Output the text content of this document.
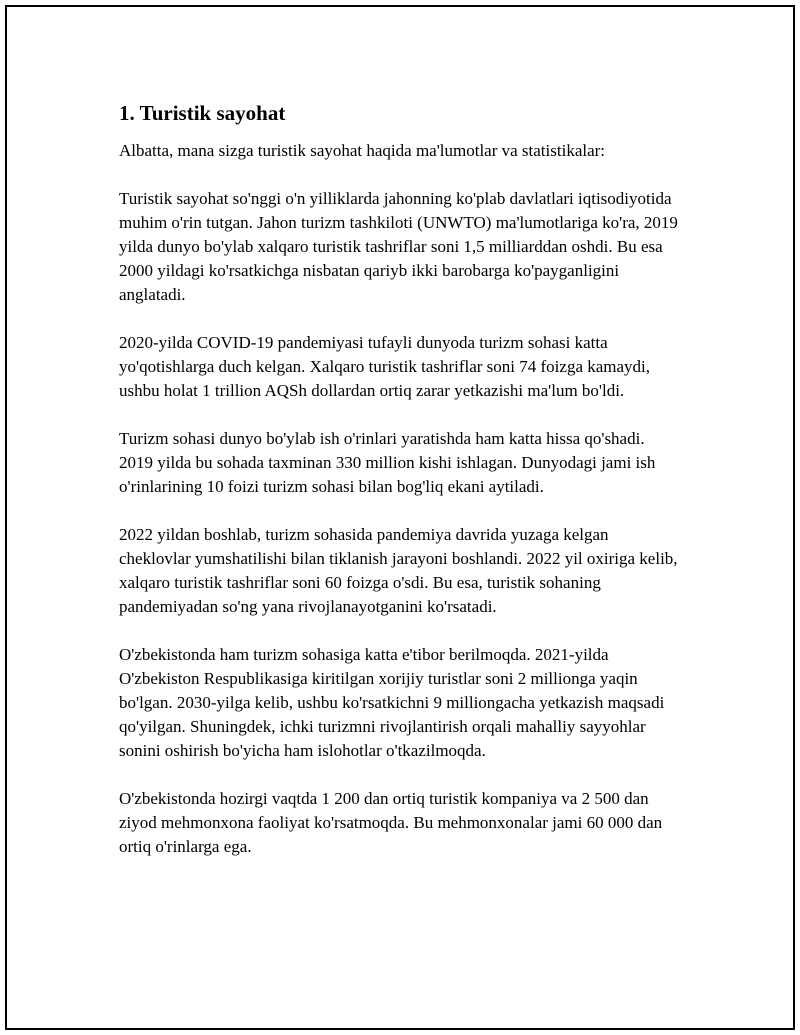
1. Turistik sayohat

Albatta, mana sizga turistik sayohat haqida ma'lumotlar va statistikalar:

Turistik sayohat so'nggi o'n yilliklarda jahonning ko'plab davlatlari iqtisodiyotida muhim o'rin tutgan. Jahon turizm tashkiloti (UNWTO) ma'lumotlariga ko'ra, 2019 yilda dunyo bo'ylab xalqaro turistik tashriflar soni 1,5 milliarddan oshdi. Bu esa 2000 yildagi ko'rsatkichga nisbatan qariyb ikki barobarga ko'payganligini anglatadi.

2020-yilda COVID-19 pandemiyasi tufayli dunyoda turizm sohasi katta yo'qotishlarga duch kelgan. Xalqaro turistik tashriflar soni 74 foizga kamaydi, ushbu holat 1 trillion AQSh dollardan ortiq zarar yetkazishi ma'lum bo'ldi.

Turizm sohasi dunyo bo'ylab ish o'rinlari yaratishda ham katta hissa qo'shadi. 2019 yilda bu sohada taxminan 330 million kishi ishlagan. Dunyodagi jami ish o'rinlarining 10 foizi turizm sohasi bilan bog'liq ekani aytiladi.

2022 yildan boshlab, turizm sohasida pandemiya davrida yuzaga kelgan cheklovlar yumshatilishi bilan tiklanish jarayoni boshlandi. 2022 yil oxiriga kelib, xalqaro turistik tashriflar soni 60 foizga o'sdi. Bu esa, turistik sohaning pandemiyadan so'ng yana rivojlanayotganini ko'rsatadi.

O'zbekistonda ham turizm sohasiga katta e'tibor berilmoqda. 2021-yilda O'zbekiston Respublikasiga kiritilgan xorijiy turistlar soni 2 millionga yaqin bo'lgan. 2030-yilga kelib, ushbu ko'rsatkichni 9 milliongacha yetkazish maqsadi qo'yilgan. Shuningdek, ichki turizmni rivojlantirish orqali mahalliy sayyohlar sonini oshirish bo'yicha ham islohotlar o'tkazilmoqda.

O'zbekistonda hozirgi vaqtda 1 200 dan ortiq turistik kompaniya va 2 500 dan ziyod mehmonxona faoliyat ko'rsatmoqda. Bu mehmonxonalar jami 60 000 dan ortiq o'rinlarga ega.
